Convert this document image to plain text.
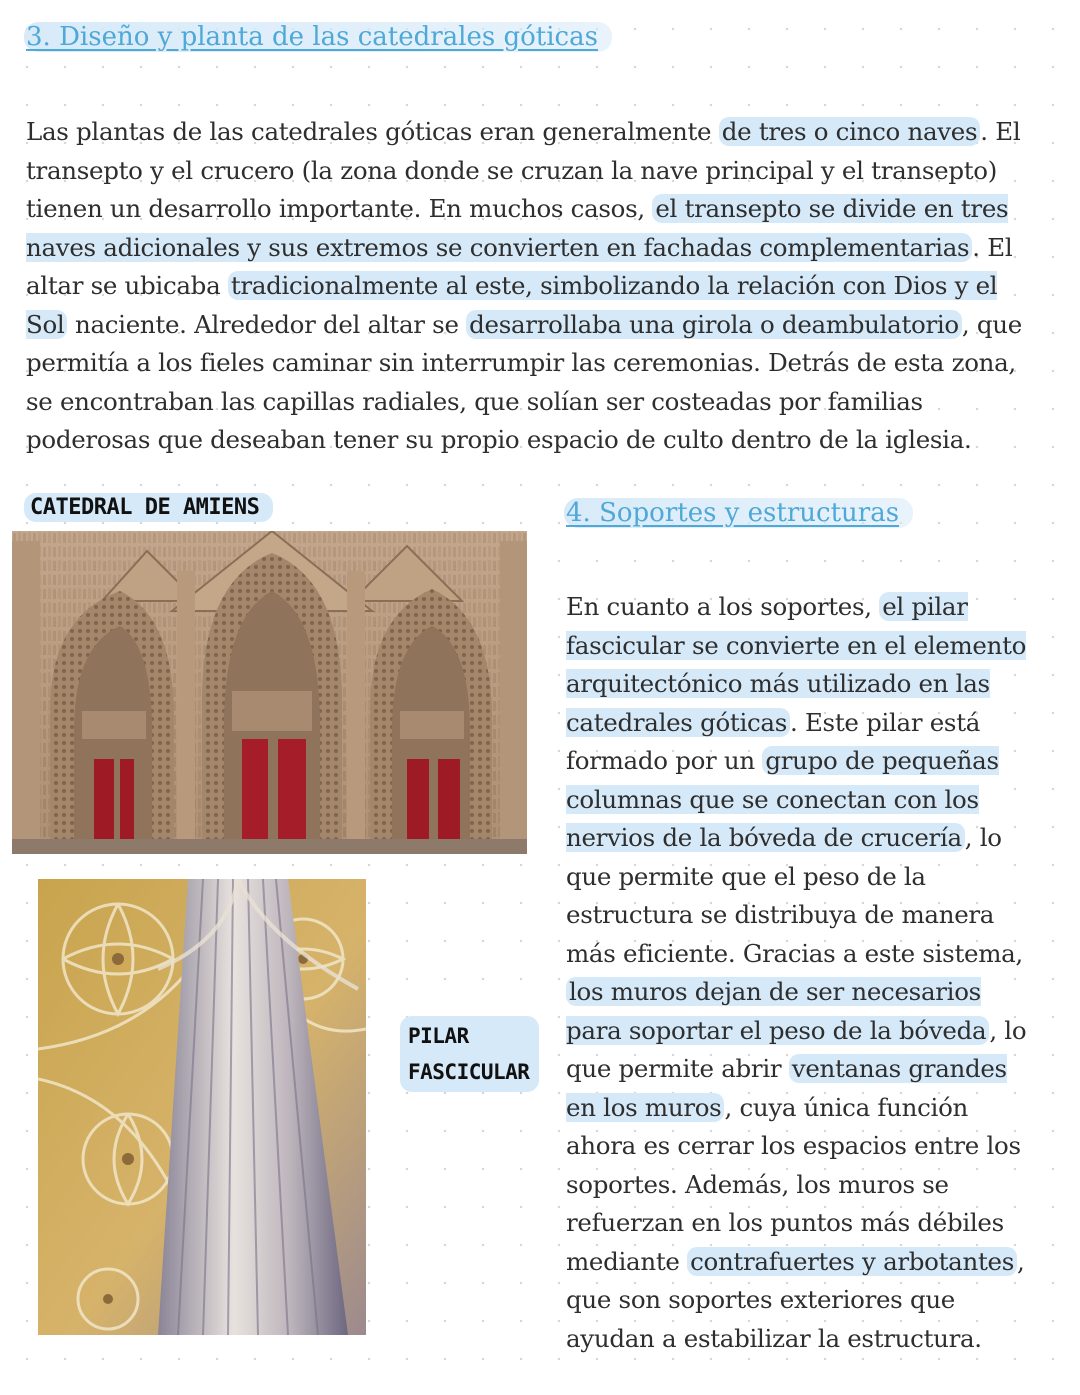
3. Diseño y planta de las catedrales góticas

Las plantas de las catedrales góticas eran generalmente de tres o cinco naves . El transepto y el crucero (la zona donde se cruzan la nave principal y el transepto) tienen un desarrollo importante. En muchos casos, el transepto se divide en tres naves adicionales y sus extremos se convierten en fachadas complementarias . El altar se ubicaba tradicionalmente al este, simbolizando la relación con Dios y el Sol naciente. Alrededor del altar se desarrollaba una girola o deambulatorio , que permitía a los fieles caminar sin interrumpir las ceremonias. Detrás de esta zona, se encontraban las capillas radiales, que solían ser costeadas por familias poderosas que deseaban tener su propio espacio de culto dentro de la iglesia.

CATEDRAL DE AMIENS	4. Soportes y estructuras
PILAR
FASCICULAR

En cuanto a los soportes, el pilar fascicular se convierte en el elemento arquitectónico más utilizado en las catedrales góticas . Este pilar está formado por un grupo de pequeñas columnas que se conectan con los nervios de la bóveda de crucería , lo que permite que el peso de la estructura se distribuya de manera más eficiente. Gracias a este sistema, los muros dejan de ser necesarios para soportar el peso de la bóveda , lo que permite abrir ventanas grandes en los muros , cuya única función ahora es cerrar los espacios entre los soportes. Además, los muros se refuerzan en los puntos más débiles mediante contrafuertes y arbotantes , que son soportes exteriores que ayudan a estabilizar la estructura.
